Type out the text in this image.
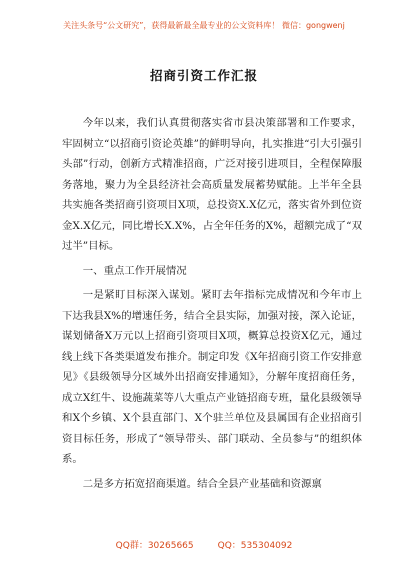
关注头条号“公文研究”，获得最新最全最专业的公文资料库！ 微信：gongwenj
招商引资工作汇报

今年以来，我们认真贯彻落实省市县决策部署和工作要求，牢固树立“以招商引资论英雄”的鲜明导向，扎实推进“引大引强引头部”行动，创新方式精准招商，广泛对接引进项目，全程保障服务落地，聚力为全县经济社会高质量发展蓄势赋能。上半年全县共实施各类招商引资项目X项，总投资X.X亿元，落实省外到位资金X.X亿元，同比增长X.X%，占全年任务的X%，超额完成了“双过半”目标。

一、重点工作开展情况

一是紧盯目标深入谋划。紧盯去年指标完成情况和今年市上下达我县X%的增速任务，结合全县实际，加强对接，深入论证，谋划储备X万元以上招商引资项目X项，概算总投资X亿元，通过线上线下各类渠道发布推介。制定印发《X年招商引资工作安排意见》《县级领导分区域外出招商安排通知》，分解年度招商任务，成立X红牛、设施蔬菜等八大重点产业链招商专班，量化县级领导和X个乡镇、X个县直部门、X个驻兰单位及县属国有企业招商引资目标任务，形成了“领导带头、部门联动、全员参与”的组织体系。

二是多方拓宽招商渠道。结合全县产业基础和资源禀

QQ群：30265665	QQ：535304092
